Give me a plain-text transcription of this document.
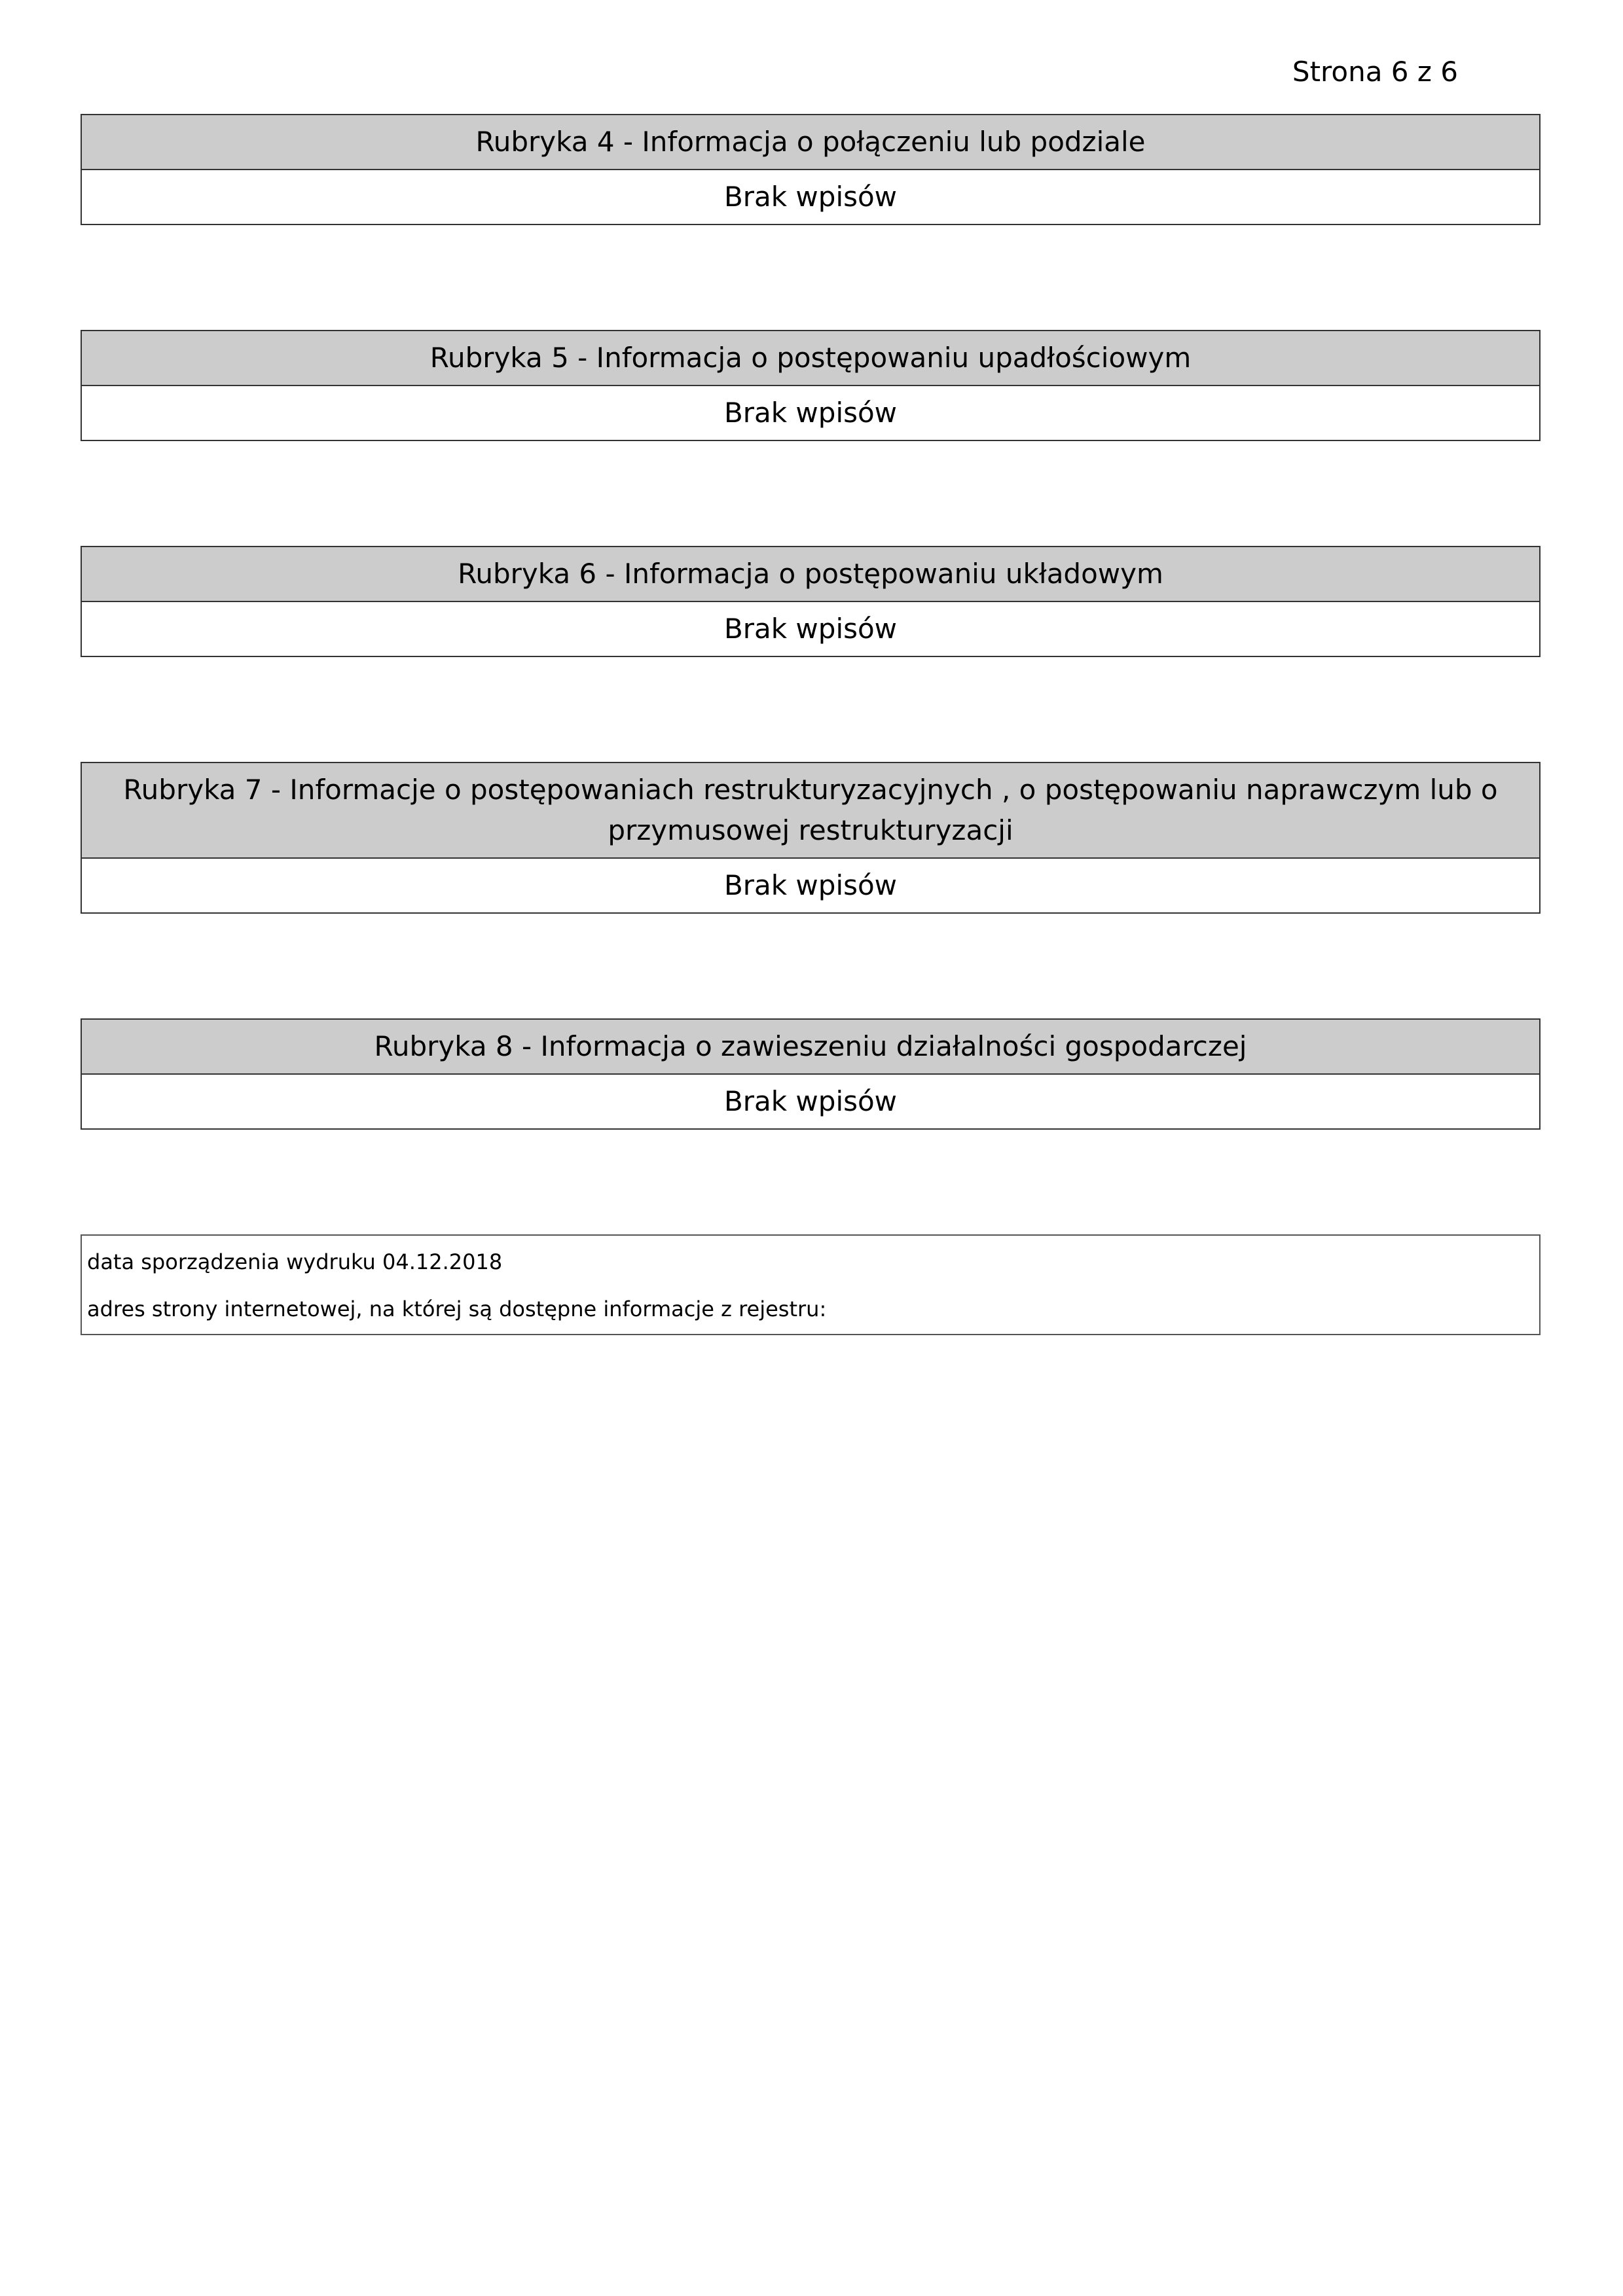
Strona 6 z 6
Rubryka 4 - Informacja o połączeniu lub podziale
Brak wpisów
Rubryka 5 - Informacja o postępowaniu upadłościowym
Brak wpisów
Rubryka 6 - Informacja o postępowaniu układowym
Brak wpisów
Rubryka 7 - Informacje o postępowaniach restrukturyzacyjnych , o postępowaniu naprawczym lub o przymusowej restrukturyzacji
Brak wpisów
Rubryka 8 - Informacja o zawieszeniu działalności gospodarczej
Brak wpisów
data sporządzenia wydruku 04.12.2018
adres strony internetowej, na której są dostępne informacje z rejestru:
